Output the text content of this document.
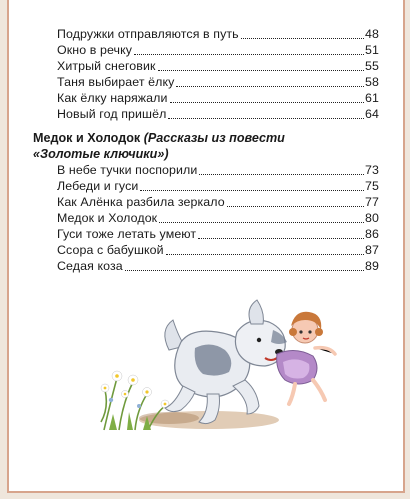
Подружки отправляются в путь	48
Окно в речку	51
Хитрый снеговик	55
Таня выбирает ёлку	58
Как ёлку наряжали	61
Новый год пришёл	64
Медок и Холодок (Рассказы из повести
«Золотые ключики»)
В небе тучки поспорили	73
Лебеди и гуси	75
Как Алёнка разбила зеркало	77
Медок и Холодок	80
Гуси тоже летать умеют	86
Ссора с бабушкой	87
Седая коза	89
